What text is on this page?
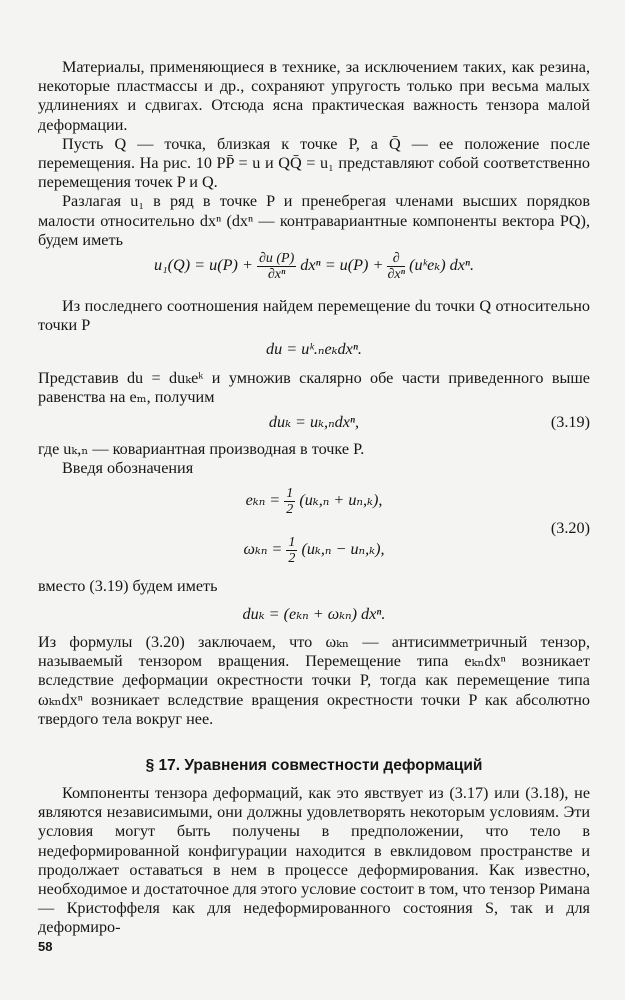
Материалы, применяющиеся в технике, за исключением таких, как резина, некоторые пластмассы и др., сохраняют упругость только при весьма малых удлинениях и сдвигах. Отсюда ясна практическая важность тензора малой деформации.

Пусть Q — точка, близкая к точке P, а Q̄ — ее положение после перемещения. На рис. 10 PP̄ = u и QQ̄ = u₁ представляют собой соответственно перемещения точек P и Q.

Разлагая u₁ в ряд в точке P и пренебрегая членами высших порядков малости относительно dxⁿ (dxⁿ — контравариантные компоненты вектора PQ), будем иметь

$u_1(Q) = u(P) + \frac{\partial u (P)}{\text{∂xⁿ}}$ $dx^n = u(P) + \frac{\partial}{\text{∂xⁿ}}$ (uᵏeₖ) dxⁿ.

Из последнего соотношения найдем перемещение du точки Q относительно точки P

du = uᵏ.ₙeₖdxⁿ.

Представив du = duₖeᵏ и умножив скалярно обе части приведенного выше равенства на eₘ, получим

duₖ = uₖ,ₙdxⁿ,	(3.19)

где uₖ,ₙ — ковариантная производная в точке P.

Введя обозначения

$e_{kn} = \frac{1}{2} (u_k,_n + u_n,_k)$,
$\omega_{kn} = \frac{1}{2} (u_k,_n - u_n,_k)$,
(3.20)

вместо (3.19) будем иметь

duₖ = (eₖₙ + ωₖₙ) dxⁿ.

Из формулы (3.20) заключаем, что ωₖₙ — антисимметричный тензор, называемый тензором вращения. Перемещение типа eₖₙdxⁿ возникает вследствие деформации окрестности точки P, тогда как перемещение типа ωₖₙdxⁿ возникает вследствие вращения окрестности точки P как абсолютно твердого тела вокруг нее.

§ 17. Уравнения совместности деформаций

Компоненты тензора деформаций, как это явствует из (3.17) или (3.18), не являются независимыми, они должны удовлетворять некоторым условиям. Эти условия могут быть получены в предположении, что тело в недеформированной конфигурации находится в евклидовом пространстве и продолжает оставаться в нем в процессе деформирования. Как известно, необходимое и достаточное для этого условие состоит в том, что тензор Римана — Кристоффеля как для недеформированного состояния S, так и для деформиро-

58
